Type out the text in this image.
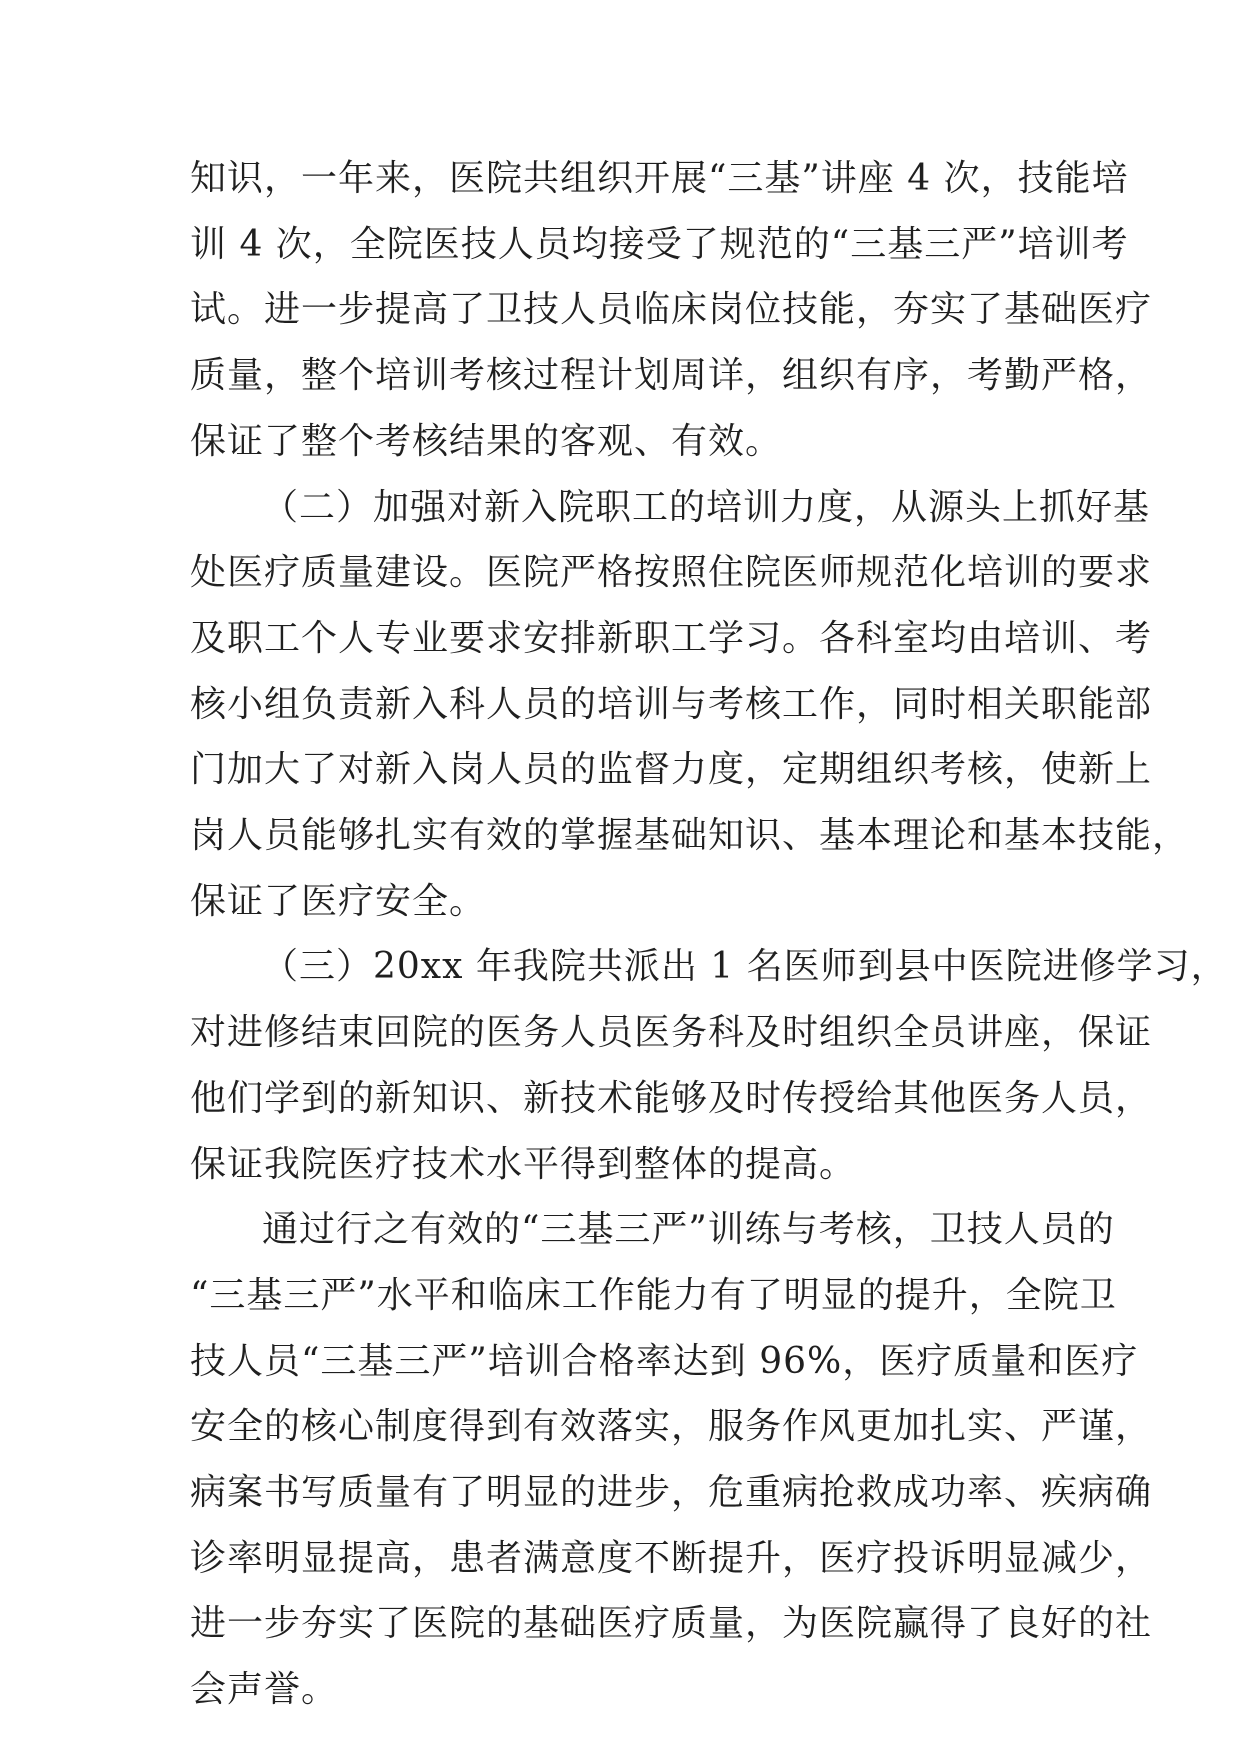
知识，一年来，医院共组织开展“三基”讲座 4 次，技能培
训 4 次，全院医技人员均接受了规范的“三基三严”培训考
试。进一步提高了卫技人员临床岗位技能，夯实了基础医疗
质量，整个培训考核过程计划周详，组织有序，考勤严格，
保证了整个考核结果的客观、有效。

（二）加强对新入院职工的培训力度，从源头上抓好基
处医疗质量建设。医院严格按照住院医师规范化培训的要求
及职工个人专业要求安排新职工学习。各科室均由培训、考
核小组负责新入科人员的培训与考核工作，同时相关职能部
门加大了对新入岗人员的监督力度，定期组织考核，使新上
岗人员能够扎实有效的掌握基础知识、基本理论和基本技能，
保证了医疗安全。

（三）20xx 年我院共派出 1 名医师到县中医院进修学习，
对进修结束回院的医务人员医务科及时组织全员讲座，保证
他们学到的新知识、新技术能够及时传授给其他医务人员，
保证我院医疗技术水平得到整体的提高。

通过行之有效的“三基三严”训练与考核，卫技人员的
“三基三严”水平和临床工作能力有了明显的提升，全院卫
技人员“三基三严”培训合格率达到 96%，医疗质量和医疗
安全的核心制度得到有效落实，服务作风更加扎实、严谨，
病案书写质量有了明显的进步，危重病抢救成功率、疾病确
诊率明显提高，患者满意度不断提升，医疗投诉明显减少，
进一步夯实了医院的基础医疗质量，为医院赢得了良好的社
会声誉。
